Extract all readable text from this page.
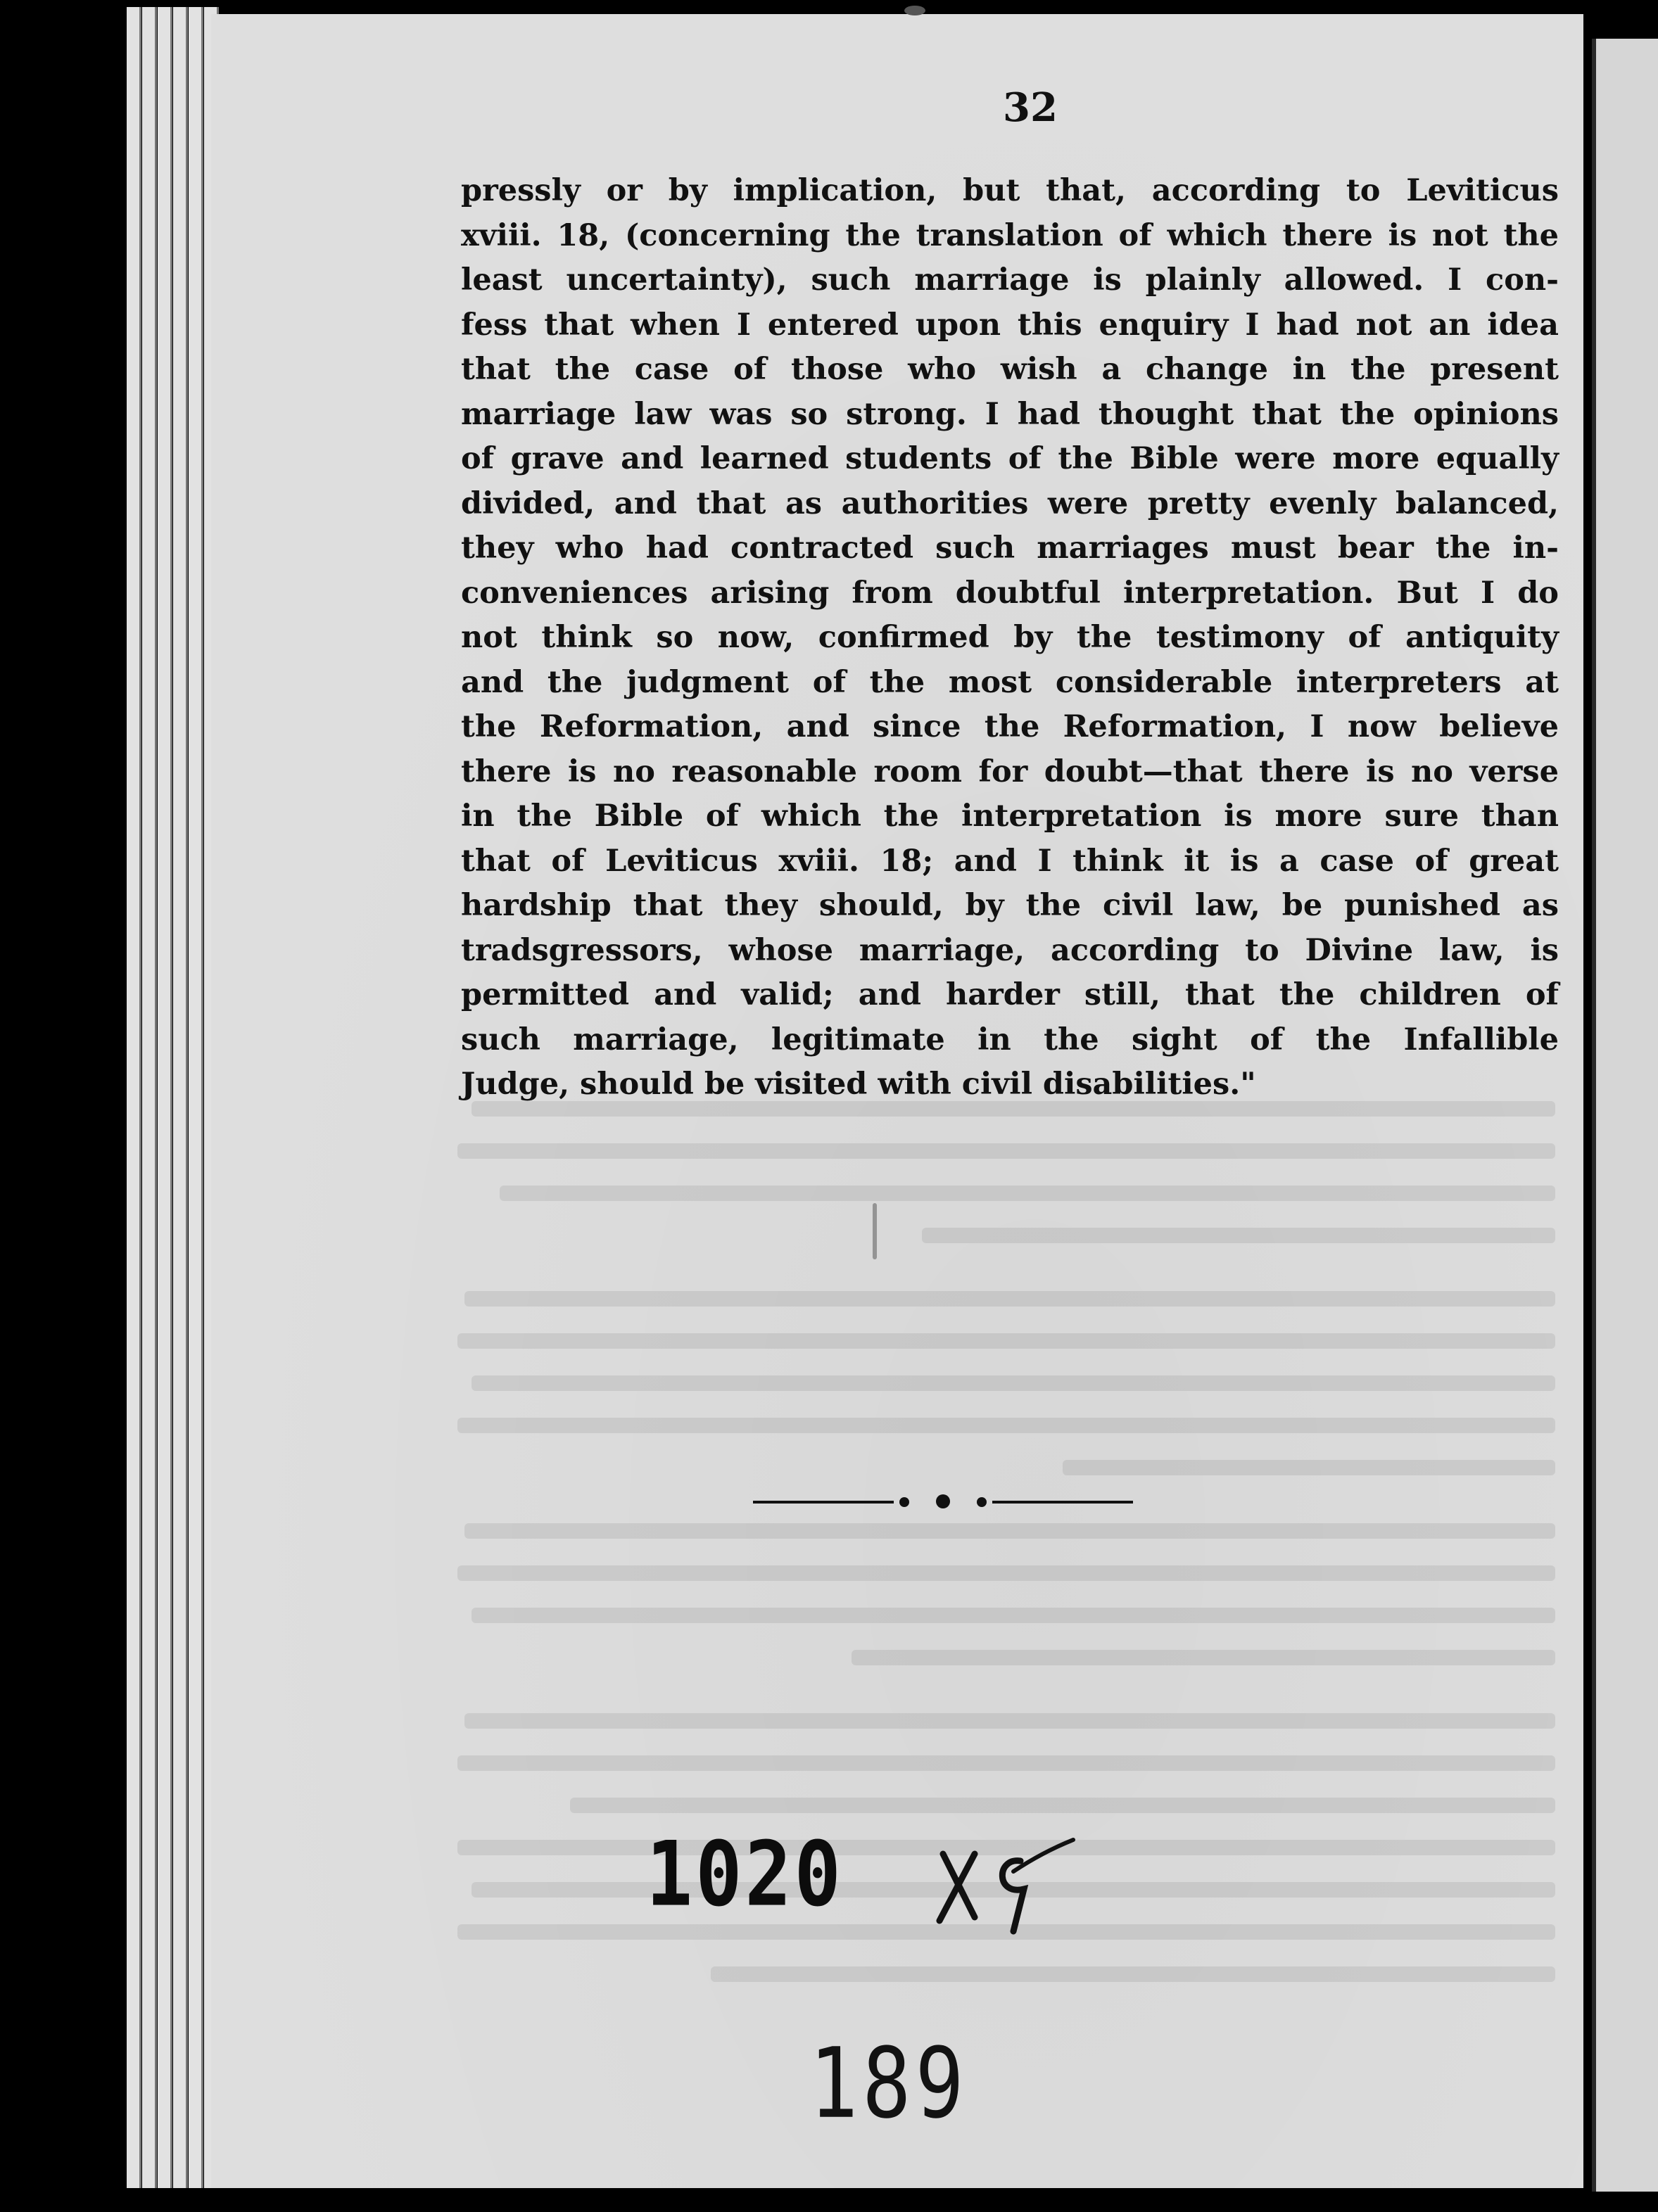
32
pressly or by implication, but that, according to Leviticus
xviii. 18, (concerning the translation of which there is not the
least uncertainty), such marriage is plainly allowed. I con-
fess that when I entered upon this enquiry I had not an idea
that the case of those who wish a change in the present
marriage law was so strong. I had thought that the opinions
of grave and learned students of the Bible were more equally
divided, and that as authorities were pretty evenly balanced,
they who had contracted such marriages must bear the in-
conveniences arising from doubtful interpretation. But I do
not think so now, confirmed by the testimony of antiquity
and the judgment of the most considerable interpreters at
the Reformation, and since the Reformation, I now believe
there is no reasonable room for doubt—that there is no verse
in the Bible of which the interpretation is more sure than
that of Leviticus xviii. 18; and I think it is a case of great
hardship that they should, by the civil law, be punished as
tradsgressors, whose marriage, according to Divine law, is
permitted and valid; and harder still, that the children of
such marriage, legitimate in the sight of the Infallible
Judge, should be visited with civil disabilities."
1020
189
